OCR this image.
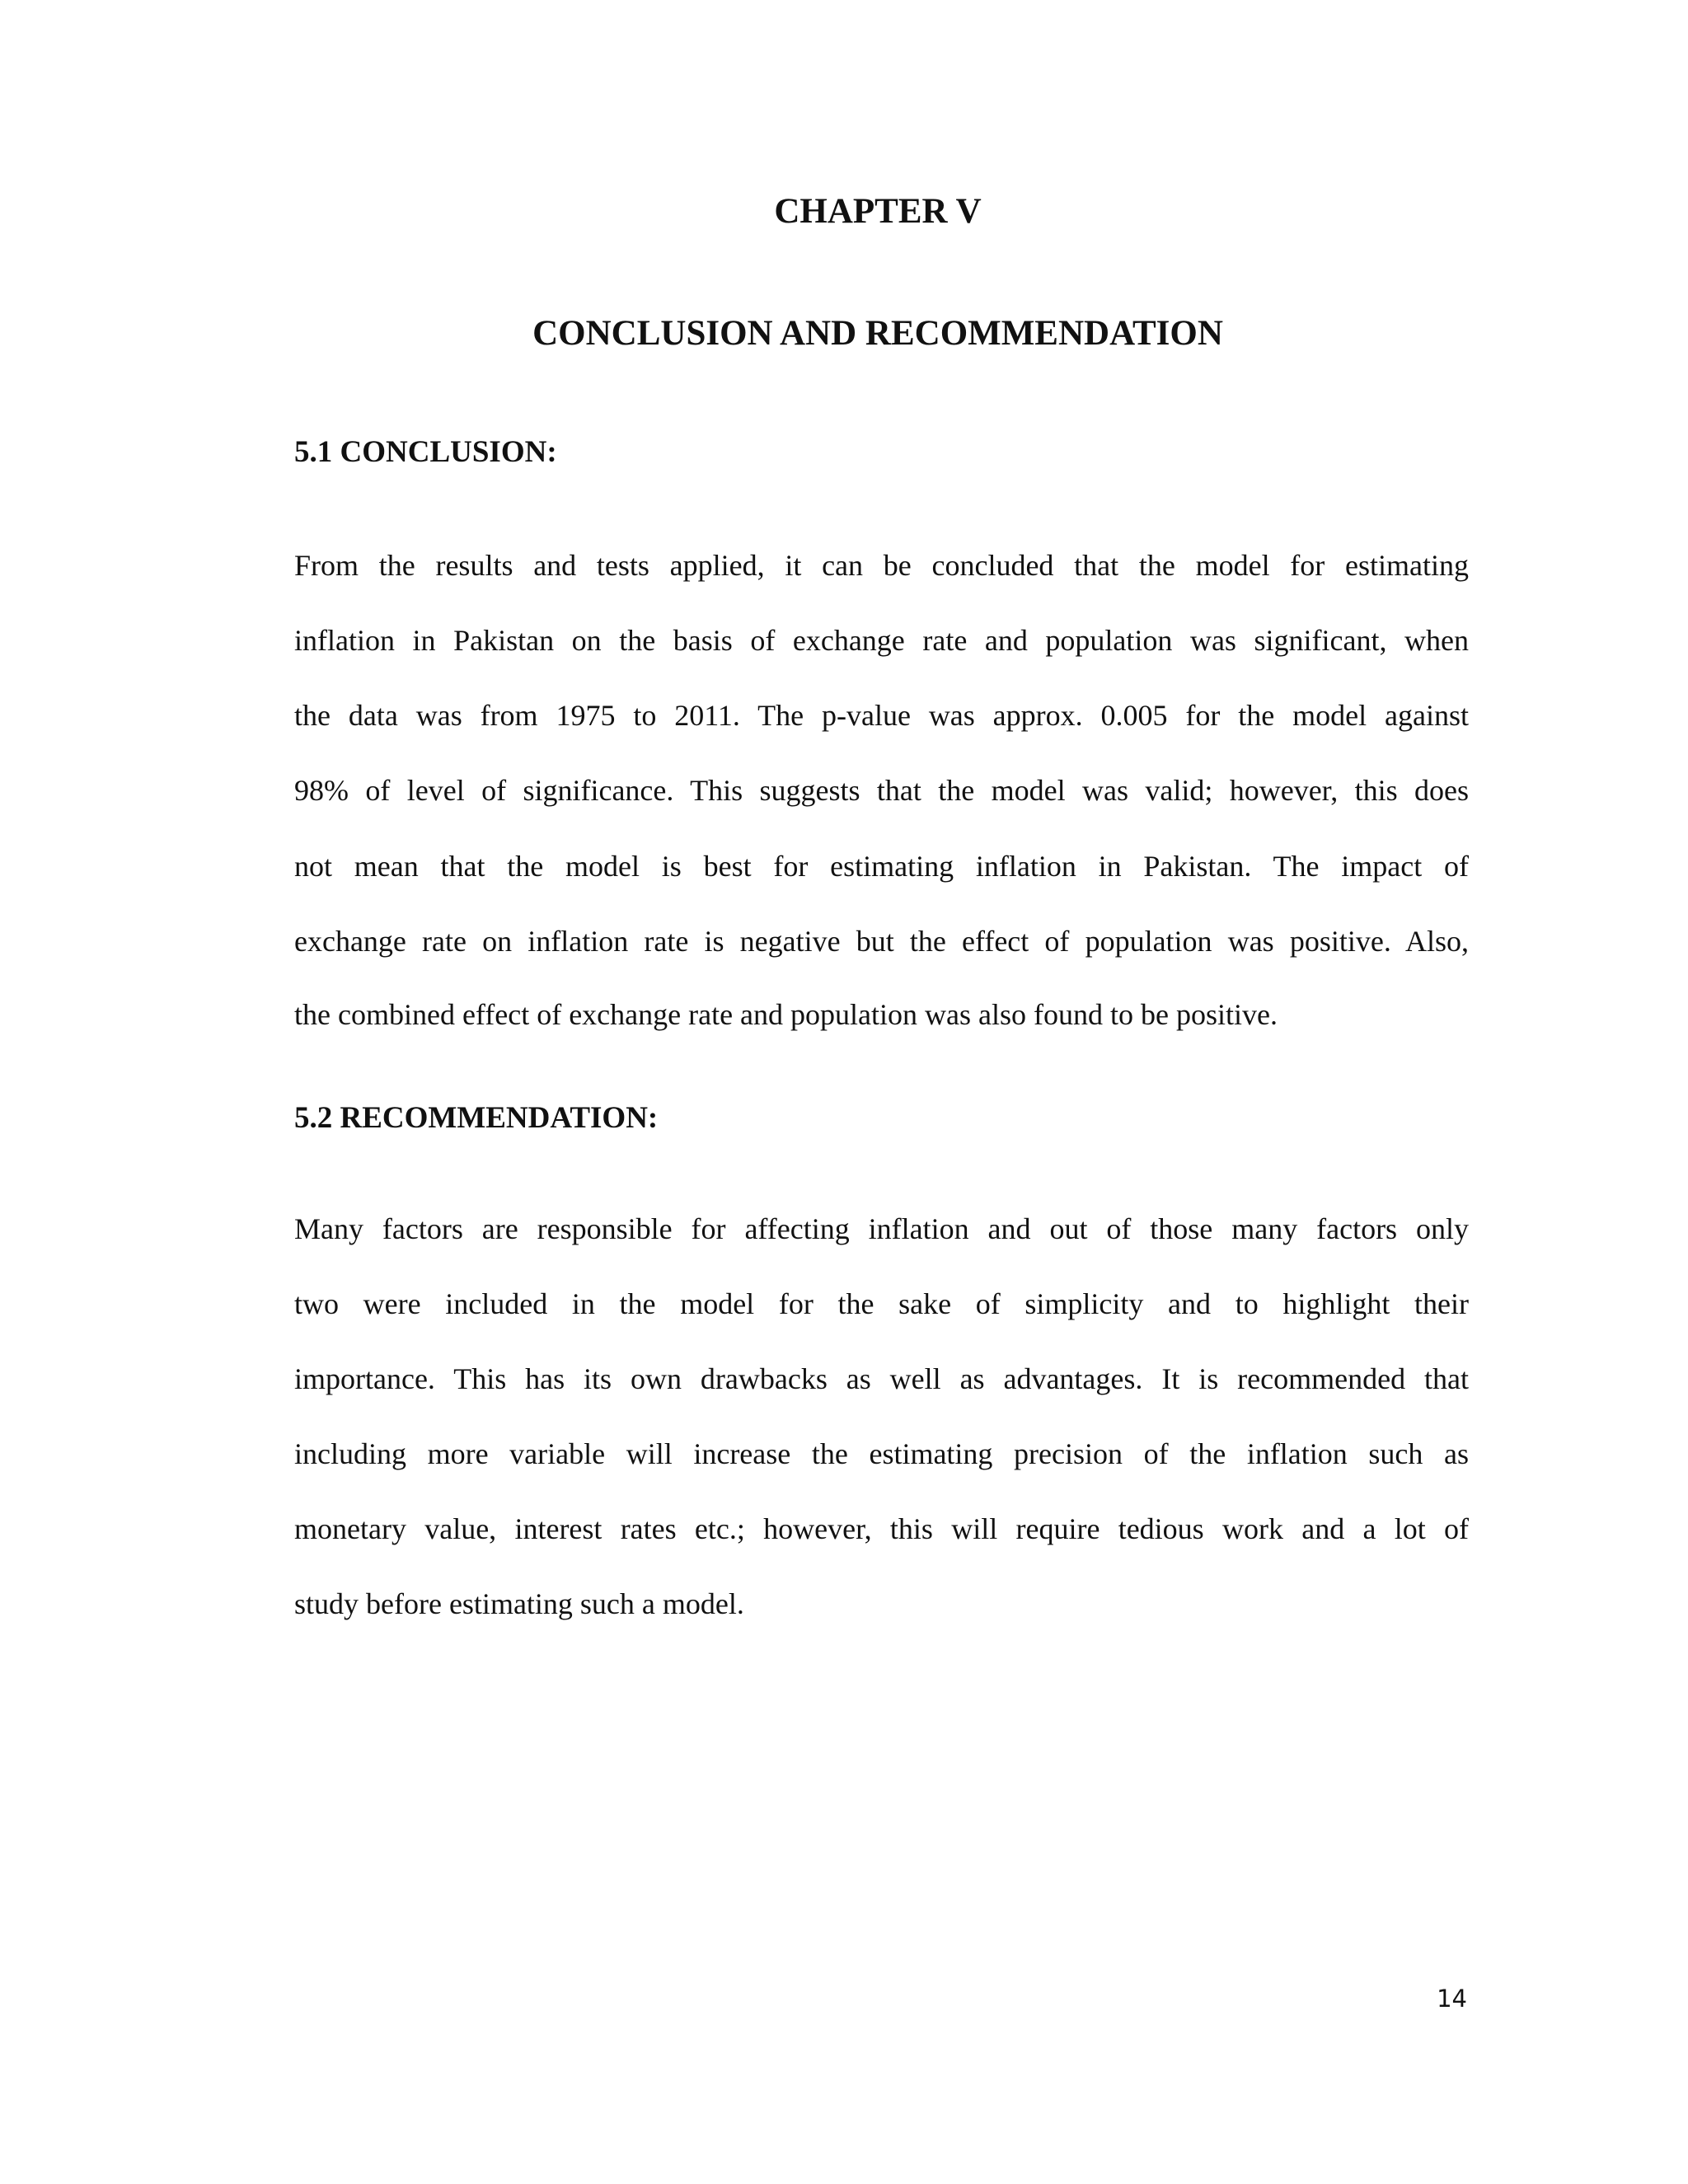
CHAPTER V
CONCLUSION AND RECOMMENDATION
5.1 CONCLUSION:

From the results and tests applied, it can be concluded that the model for estimating

inflation in Pakistan on the basis of exchange rate and population was significant, when

the data was from 1975 to 2011. The p-value was approx. 0.005 for the model against

98% of level of significance. This suggests that the model was valid; however, this does

not mean that the model is best for estimating inflation in Pakistan. The impact of

exchange rate on inflation rate is negative but the effect of population was positive. Also,

the combined effect of exchange rate and population was also found to be positive.

5.2 RECOMMENDATION:

Many factors are responsible for affecting inflation and out of those many factors only

two were included in the model for the sake of simplicity and to highlight their

importance. This has its own drawbacks as well as advantages. It is recommended that

including more variable will increase the estimating precision of the inflation such as

monetary value, interest rates etc.; however, this will require tedious work and a lot of

study before estimating such a model.

14
